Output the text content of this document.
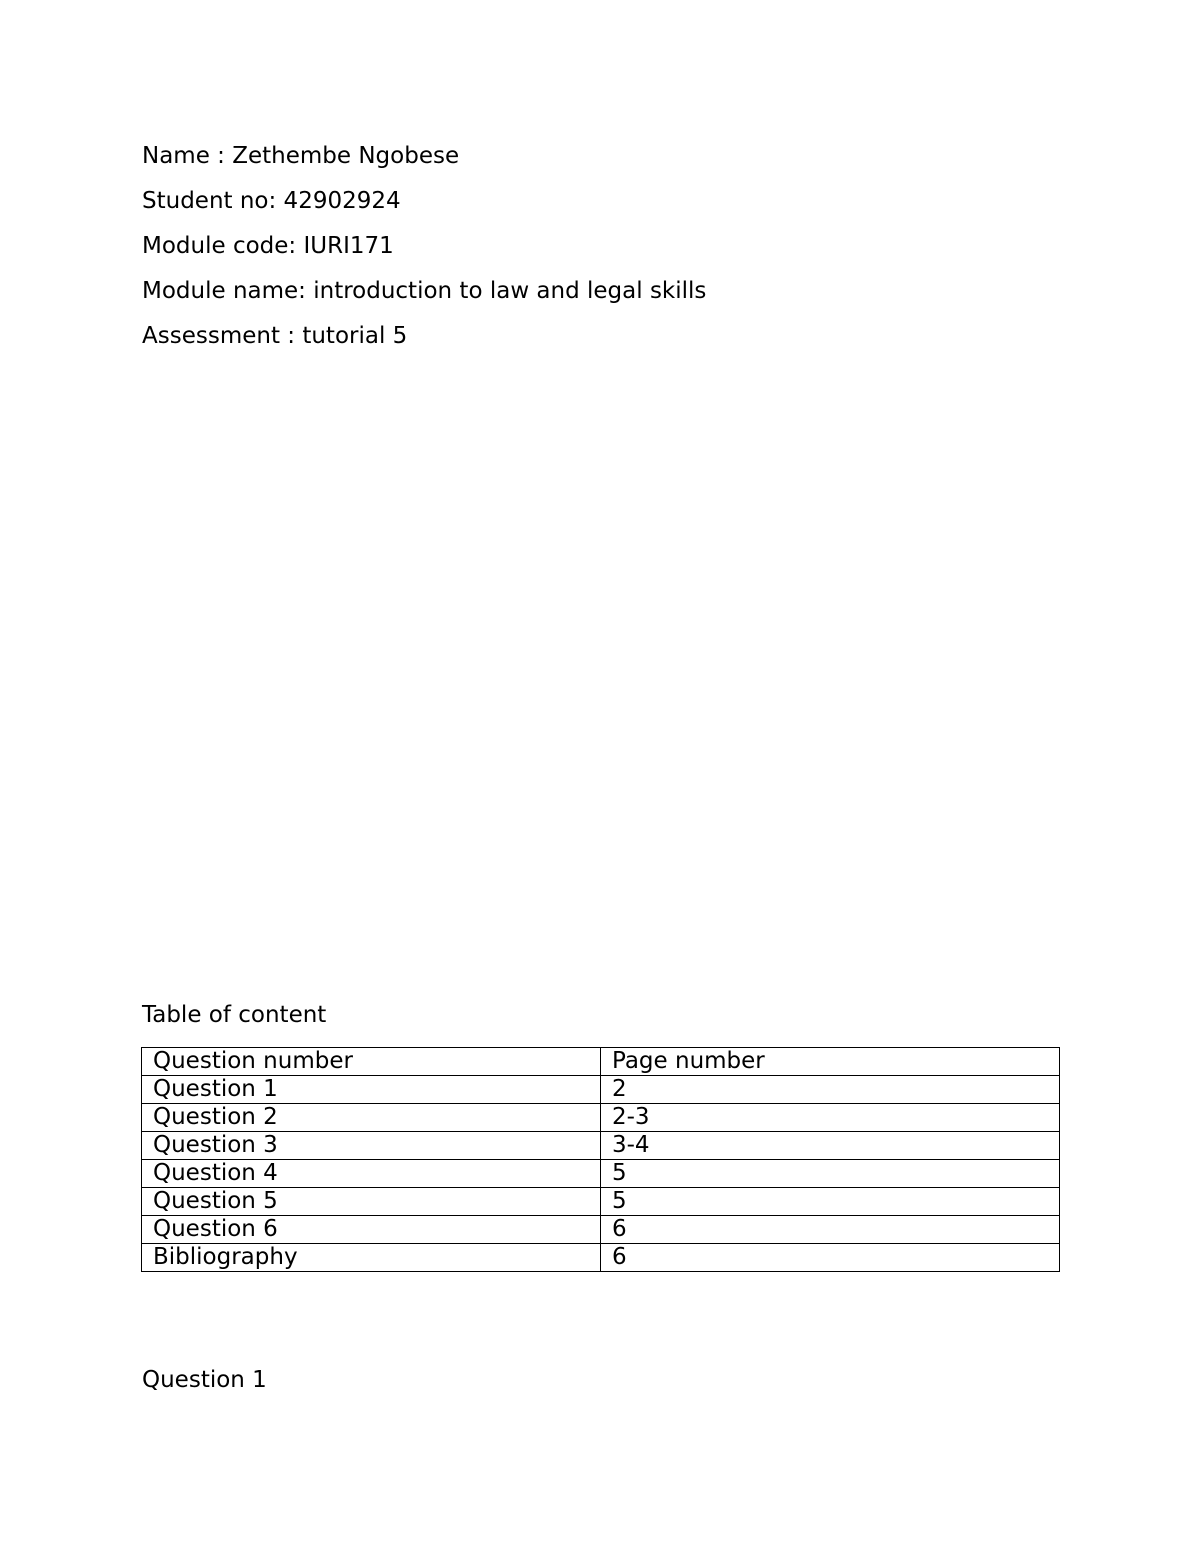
Name : Zethembe Ngobese

Student no: 42902924

Module code: IURI171

Module name: introduction to law and legal skills

Assessment : tutorial 5

Table of content

Question number	Page number
Question 1	2
Question 2	2-3
Question 3	3-4
Question 4	5
Question 5	5
Question 6	6
Bibliography	6

Question 1
